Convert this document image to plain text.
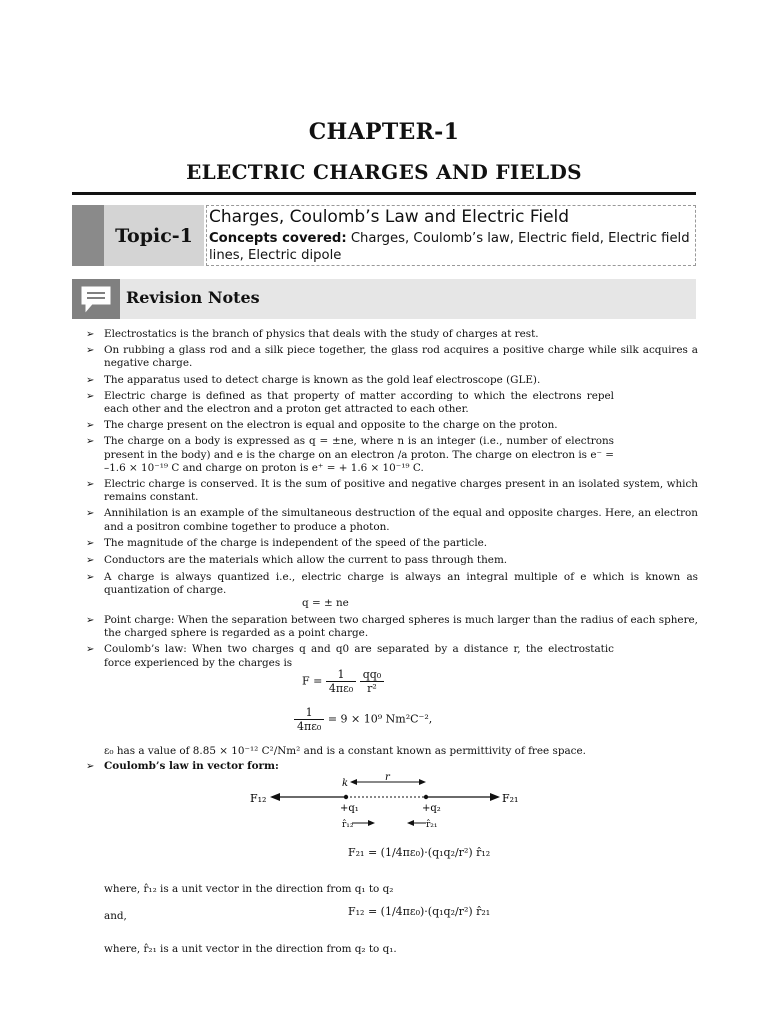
CHAPTER-1
ELECTRIC CHARGES AND FIELDS
Topic-1
Charges, Coulomb’s Law and Electric Field
Concepts covered: Charges, Coulomb’s law, Electric field, Electric field lines, Electric dipole
Revision Notes
➢ Electrostatics is the branch of physics that deals with the study of charges at rest.
➢ On rubbing a glass rod and a silk piece together, the glass rod acquires a positive charge while silk acquires a negative charge.
➢ The apparatus used to detect charge is known as the gold leaf electroscope (GLE).
➢ Electric charge is defined as that property of matter according to which the electrons repel each other and the electron and a proton get attracted to each other.
➢ The charge present on the electron is equal and opposite to the charge on the proton.
➢ The charge on a body is expressed as q = ±ne, where n is an integer (i.e., number of electrons present in the body) and e is the charge on an electron /a proton. The charge on electron is e⁻ = –1.6 × 10⁻¹⁹ C and charge on proton is e⁺ = + 1.6 × 10⁻¹⁹ C.
➢ Electric charge is conserved. It is the sum of positive and negative charges present in an isolated system, which remains constant.
➢ Annihilation is an example of the simultaneous destruction of the equal and opposite charges. Here, an electron and a positron combine together to produce a photon.
➢ The magnitude of the charge is independent of the speed of the particle.
➢ Conductors are the materials which allow the current to pass through them.
➢ A charge is always quantized i.e., electric charge is always an integral multiple of e which is known as quantization of charge.
q = ± ne
➢ Point charge: When the separation between two charged spheres is much larger than the radius of each sphere, the charged sphere is regarded as a point charge.
➢ Coulomb’s law: When two charges q and q0 are separated by a distance r, the electrostatic force experienced by the charges is
$F = \frac{1}{\text{4πε₀}}$
$\frac{\text{qq₀}}{\text{r²}}$
$\frac{1}{\text{4πε₀}} = 9 \times 10^9$ Nm²C⁻²,
ε₀ has a value of 8.85 × 10⁻¹² C²/Nm² and is a constant known as permittivity of free space.
➢ Coulomb’s law in vector form:
F₁₂	F₂₁
k
r
+q₁	+q₂
r̂₁₂	r̂₂₁
F₂₁ = (1/4πε₀)·(q₁q₂/r²) r̂₁₂
where, r̂₁₂ is a unit vector in the direction from q₁ to q₂
and,	F₁₂ = (1/4πε₀)·(q₁q₂/r²) r̂₂₁
where, r̂₂₁ is a unit vector in the direction from q₂ to q₁.
